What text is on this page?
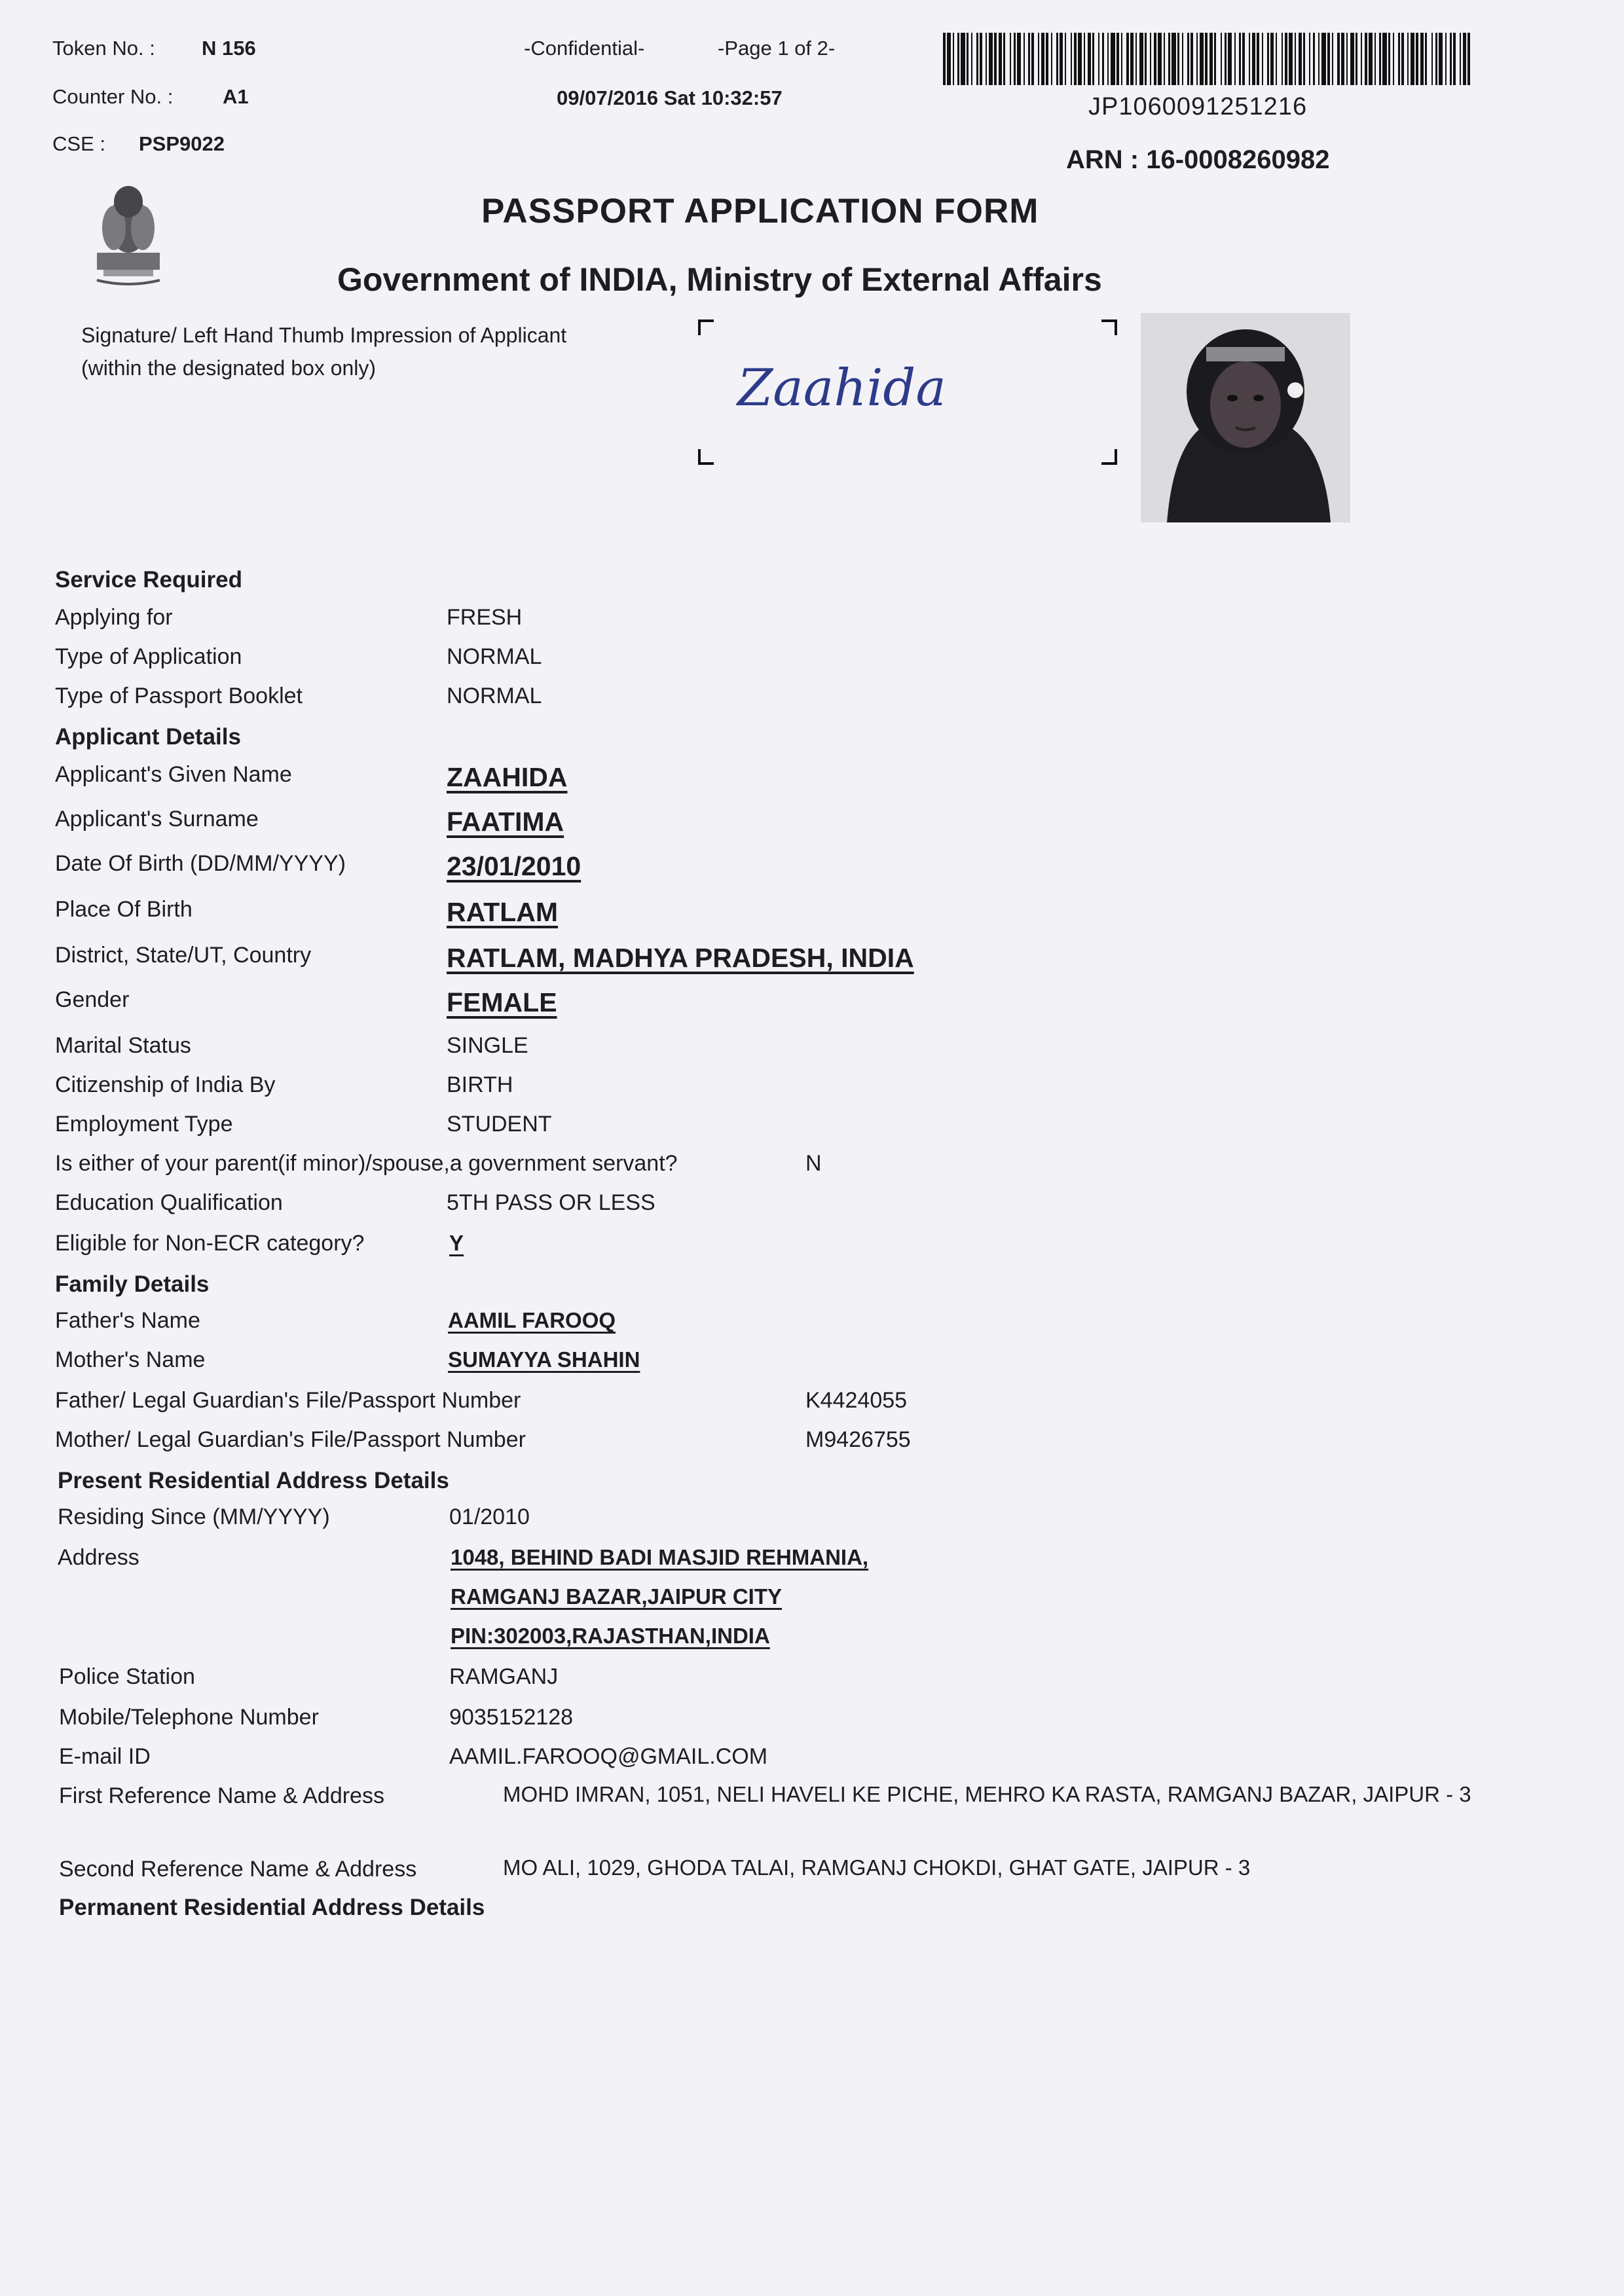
Token No. : N 156
Counter No. : A1
CSE : PSP9022
-Confidential-	-Page 1 of 2-
09/07/2016 Sat 10:32:57	JP1060091251216
ARN : 16-0008260982
PASSPORT APPLICATION FORM
Government of INDIA, Ministry of External Affairs
Signature/ Left Hand Thumb Impression of Applicant
(within the designated box only)	Zaahida
Service Required
Applying for	FRESH
Type of Application	NORMAL
Type of Passport Booklet	NORMAL
Applicant Details
Applicant's Given Name	ZAAHIDA
Applicant's Surname	FAATIMA
Date Of Birth (DD/MM/YYYY)	23/01/2010
Place Of Birth	RATLAM
District, State/UT, Country	RATLAM, MADHYA PRADESH, INDIA
Gender	FEMALE
Marital Status	SINGLE
Citizenship of India By	BIRTH
Employment Type	STUDENT
Is either of your parent(if minor)/spouse,a government servant?	N
Education Qualification	5TH PASS OR LESS
Eligible for Non-ECR category?	Y
Family Details
Father's Name	AAMIL FAROOQ
Mother's Name	SUMAYYA SHAHIN
Father/ Legal Guardian's File/Passport Number	K4424055
Mother/ Legal Guardian's File/Passport Number	M9426755
Present Residential Address Details
Residing Since (MM/YYYY)	01/2010
Address	1048, BEHIND BADI MASJID REHMANIA,
RAMGANJ BAZAR,JAIPUR CITY
PIN:302003,RAJASTHAN,INDIA
Police Station	RAMGANJ
Mobile/Telephone Number	9035152128
E-mail ID	AAMIL.FAROOQ@GMAIL.COM
First Reference Name & Address	MOHD IMRAN, 1051, NELI HAVELI KE PICHE, MEHRO KA RASTA, RAMGANJ BAZAR, JAIPUR - 3
Second Reference Name & Address	MO ALI, 1029, GHODA TALAI, RAMGANJ CHOKDI, GHAT GATE, JAIPUR - 3
Permanent Residential Address Details
